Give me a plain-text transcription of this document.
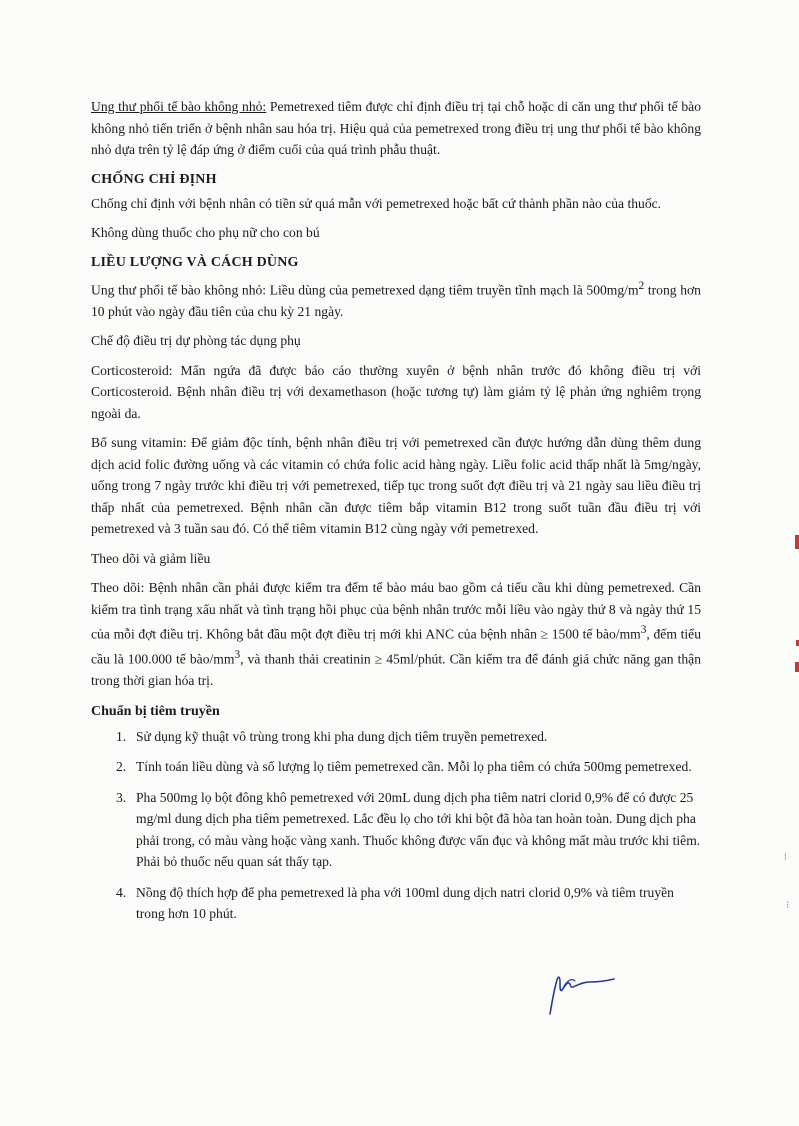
Ung thư phổi tế bào không nhỏ: Pemetrexed tiêm được chỉ định điều trị tại chỗ hoặc di căn ung thư phổi tế bào không nhỏ tiến triển ở bệnh nhân sau hóa trị. Hiệu quả của pemetrexed trong điều trị ung thư phổi tế bào không nhỏ dựa trên tỷ lệ đáp ứng ở điểm cuối của quá trình phẫu thuật.

CHỐNG CHỈ ĐỊNH

Chống chỉ định với bệnh nhân có tiền sử quá mẫn với pemetrexed hoặc bất cứ thành phần nào của thuốc.

Không dùng thuốc cho phụ nữ cho con bú

LIỀU LƯỢNG VÀ CÁCH DÙNG

Ung thư phổi tế bào không nhỏ: Liều dùng của pemetrexed dạng tiêm truyền tĩnh mạch là $500mg/m^2$ trong hơn 10 phút vào ngày đầu tiên của chu kỳ 21 ngày.

Chế độ điều trị dự phòng tác dụng phụ

Corticosteroid: Mẩn ngứa đã được báo cáo thường xuyên ở bệnh nhân trước đó không điều trị với Corticosteroid. Bệnh nhân điều trị với dexamethason (hoặc tương tự) làm giảm tỷ lệ phản ứng nghiêm trọng ngoài da.

Bổ sung vitamin: Để giảm độc tính, bệnh nhân điều trị với pemetrexed cần được hướng dẫn dùng thêm dung dịch acid folic đường uống và các vitamin có chứa folic acid hàng ngày. Liều folic acid thấp nhất là 5mg/ngày, uống trong 7 ngày trước khi điều trị với pemetrexed, tiếp tục trong suốt đợt điều trị và 21 ngày sau liều điều trị thấp nhất của pemetrexed. Bệnh nhân cần được tiêm bắp vitamin B12 trong suốt tuần đầu điều trị với pemetrexed và 3 tuần sau đó. Có thể tiêm vitamin B12 cùng ngày với pemetrexed.

Theo dõi và giảm liều

Theo dõi: Bệnh nhân cần phải được kiểm tra đếm tế bào máu bao gồm cả tiểu cầu khi dùng pemetrexed. Cần kiểm tra tình trạng xấu nhất và tình trạng hồi phục của bệnh nhân trước mỗi liều vào ngày thứ 8 và ngày thứ 15 của mỗi đợt điều trị. Không bắt đầu một đợt điều trị mới khi ANC của bệnh nhân ≥ 1500 tế bào/$mm^3$, đếm tiểu cầu là 100.000 tế bào/$mm^3$, và thanh thải creatinin ≥ 45ml/phút. Cần kiểm tra để đánh giá chức năng gan thận trong thời gian hóa trị.

Chuẩn bị tiêm truyền
1. Sử dụng kỹ thuật vô trùng trong khi pha dung dịch tiêm truyền pemetrexed.

2. Tính toán liều dùng và số lượng lọ tiêm pemetrexed cần. Mỗi lọ pha tiêm có chứa 500mg pemetrexed.

3. Pha 500mg lọ bột đông khô pemetrexed với 20mL dung dịch pha tiêm natri clorid 0,9% để có được 25 mg/ml dung dịch pha tiêm pemetrexed. Lắc đều lọ cho tới khi bột đã hòa tan hoàn toàn. Dung dịch pha phải trong, có màu vàng hoặc vàng xanh. Thuốc không được vẩn đục và không mất màu trước khi tiêm. Phải bỏ thuốc nếu quan sát thấy tạp.

4. Nồng độ thích hợp để pha pemetrexed là pha với 100ml dung dịch natri clorid 0,9% và tiêm truyền trong hơn 10 phút.

⁞
⁝
